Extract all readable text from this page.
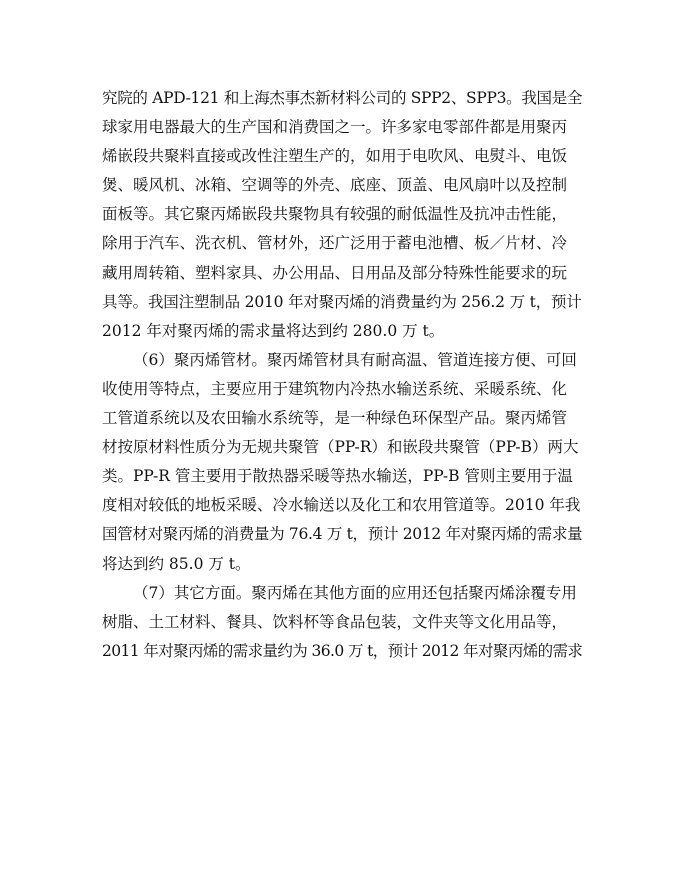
究院的 APD-121 和上海杰事杰新材料公司的 SPP2、SPP3。我国是全
球家用电器最大的生产国和消费国之一。许多家电零部件都是用聚丙
烯嵌段共聚料直接或改性注塑生产的，如用于电吹风、电熨斗、电饭
煲、暖风机、冰箱、空调等的外壳、底座、顶盖、电风扇叶以及控制
面板等。其它聚丙烯嵌段共聚物具有较强的耐低温性及抗冲击性能，
除用于汽车、洗衣机、管材外，还广泛用于蓄电池槽、板／片材、冷
藏用周转箱、塑料家具、办公用品、日用品及部分特殊性能要求的玩
具等。我国注塑制品 2010 年对聚丙烯的消费量约为 256.2 万 t，预计
2012 年对聚丙烯的需求量将达到约 280.0 万 t。
（6）聚丙烯管材。聚丙烯管材具有耐高温、管道连接方便、可回
收使用等特点，主要应用于建筑物内冷热水输送系统、采暖系统、化
工管道系统以及农田输水系统等，是一种绿色环保型产品。聚丙烯管
材按原材料性质分为无规共聚管（PP-R）和嵌段共聚管（PP-B）两大
类。PP-R 管主要用于散热器采暖等热水输送，PP-B 管则主要用于温
度相对较低的地板采暖、冷水输送以及化工和农用管道等。2010 年我
国管材对聚丙烯的消费量为 76.4 万 t，预计 2012 年对聚丙烯的需求量
将达到约 85.0 万 t。
（7）其它方面。聚丙烯在其他方面的应用还包括聚丙烯涂覆专用
树脂、土工材料、餐具、饮料杯等食品包装，文件夹等文化用品等，
2011 年对聚丙烯的需求量约为 36.0 万 t，预计 2012 年对聚丙烯的需求
